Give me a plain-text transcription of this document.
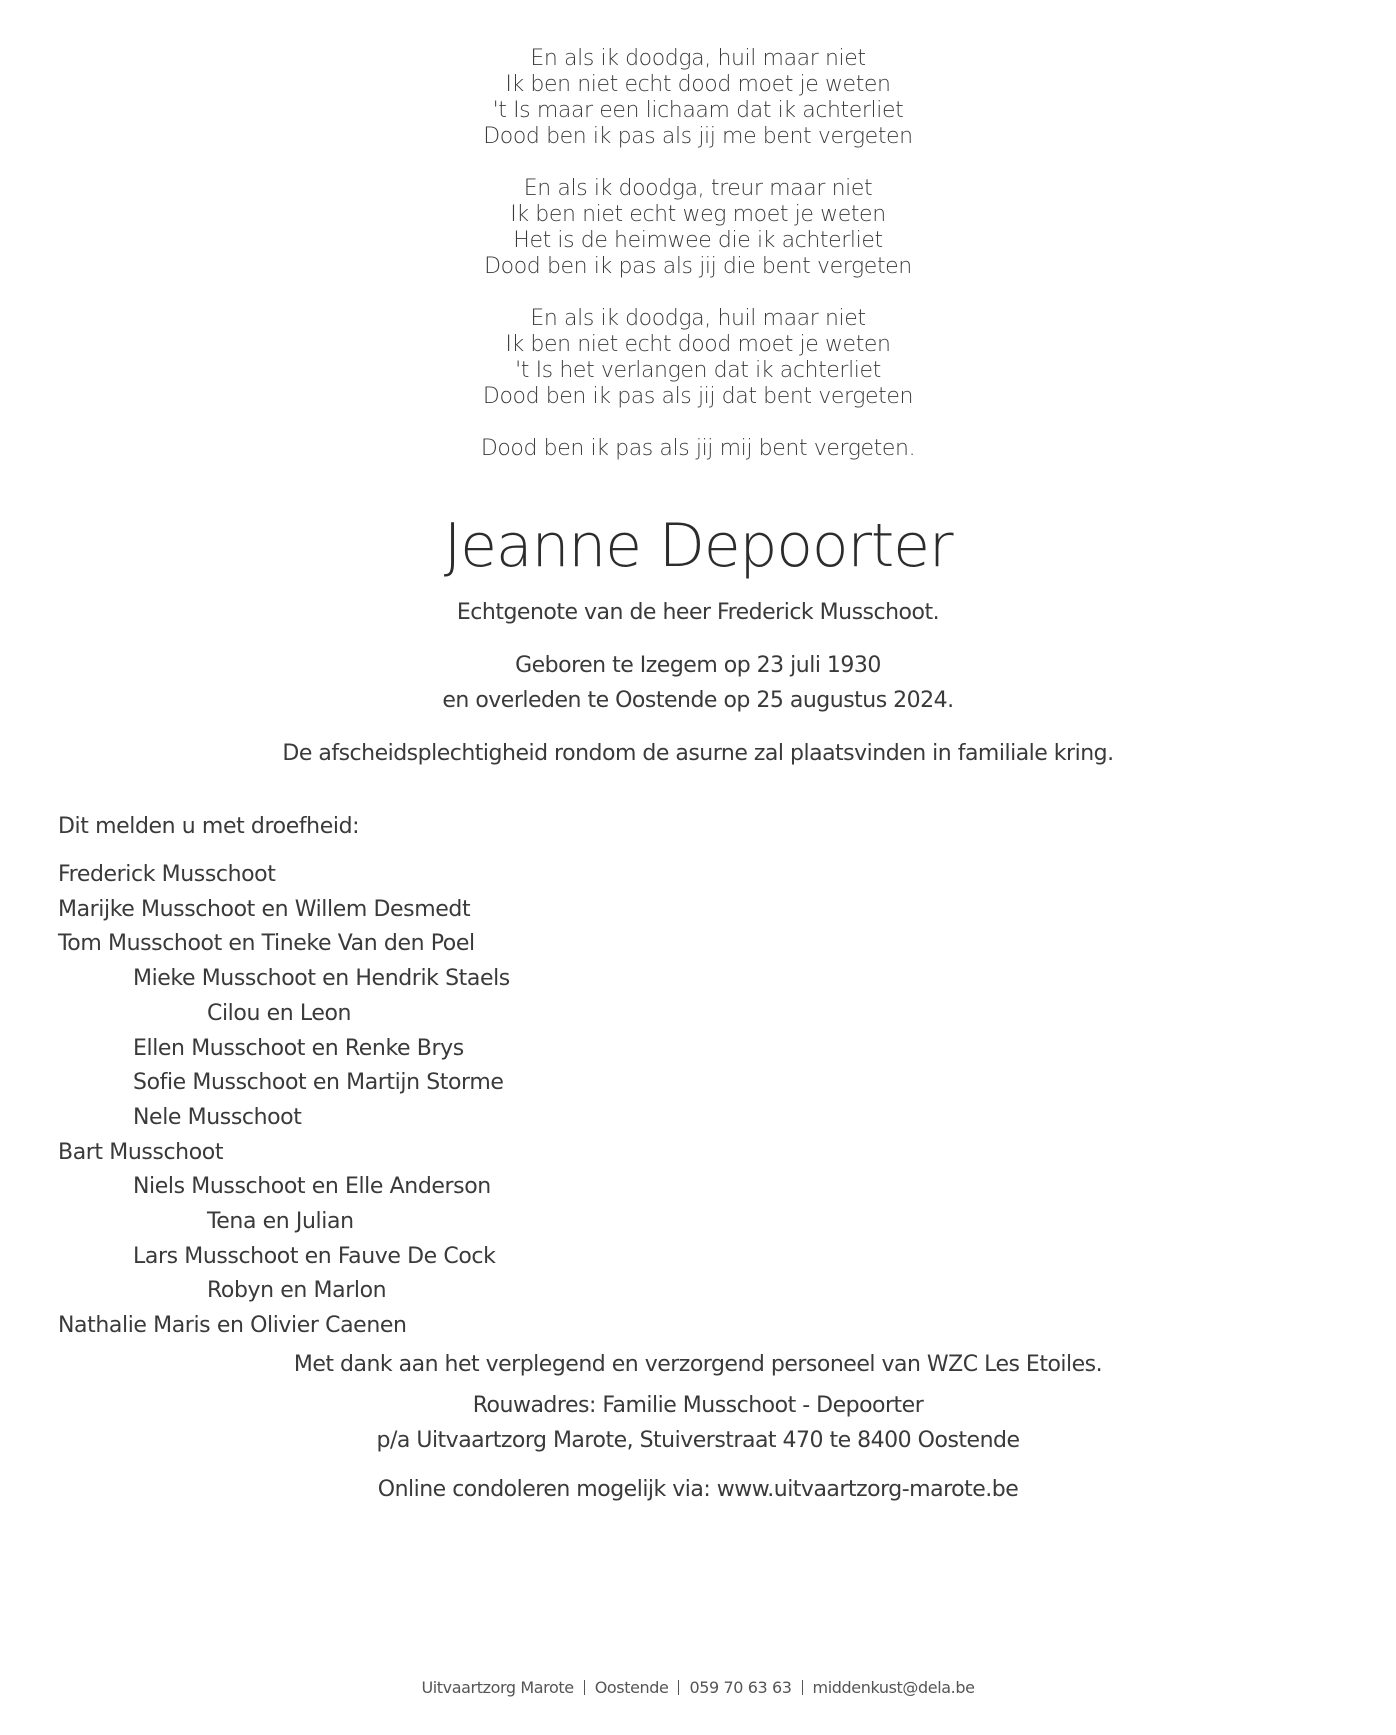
En als ik doodga, huil maar niet
Ik ben niet echt dood moet je weten
't Is maar een lichaam dat ik achterliet
Dood ben ik pas als jij me bent vergeten
En als ik doodga, treur maar niet
Ik ben niet echt weg moet je weten
Het is de heimwee die ik achterliet
Dood ben ik pas als jij die bent vergeten
En als ik doodga, huil maar niet
Ik ben niet echt dood moet je weten
't Is het verlangen dat ik achterliet
Dood ben ik pas als jij dat bent vergeten
Dood ben ik pas als jij mij bent vergeten.
Jeanne Depoorter
Echtgenote van de heer Frederick Musschoot.
Geboren te Izegem op 23 juli 1930
en overleden te Oostende op 25 augustus 2024.
De afscheidsplechtigheid rondom de asurne zal plaatsvinden in familiale kring.
Dit melden u met droefheid:
Frederick Musschoot
Marijke Musschoot en Willem Desmedt
Tom Musschoot en Tineke Van den Poel
Mieke Musschoot en Hendrik Staels
Cilou en Leon
Ellen Musschoot en Renke Brys
Sofie Musschoot en Martijn Storme
Nele Musschoot
Bart Musschoot
Niels Musschoot en Elle Anderson
Tena en Julian
Lars Musschoot en Fauve De Cock
Robyn en Marlon
Nathalie Maris en Olivier Caenen
Met dank aan het verplegend en verzorgend personeel van WZC Les Etoiles.
Rouwadres: Familie Musschoot - Depoorter
p/a Uitvaartzorg Marote, Stuiverstraat 470 te 8400 Oostende
Online condoleren mogelijk via: www.uitvaartzorg-marote.be
Uitvaartzorg Marote Oostende 059 70 63 63 middenkust@dela.be
